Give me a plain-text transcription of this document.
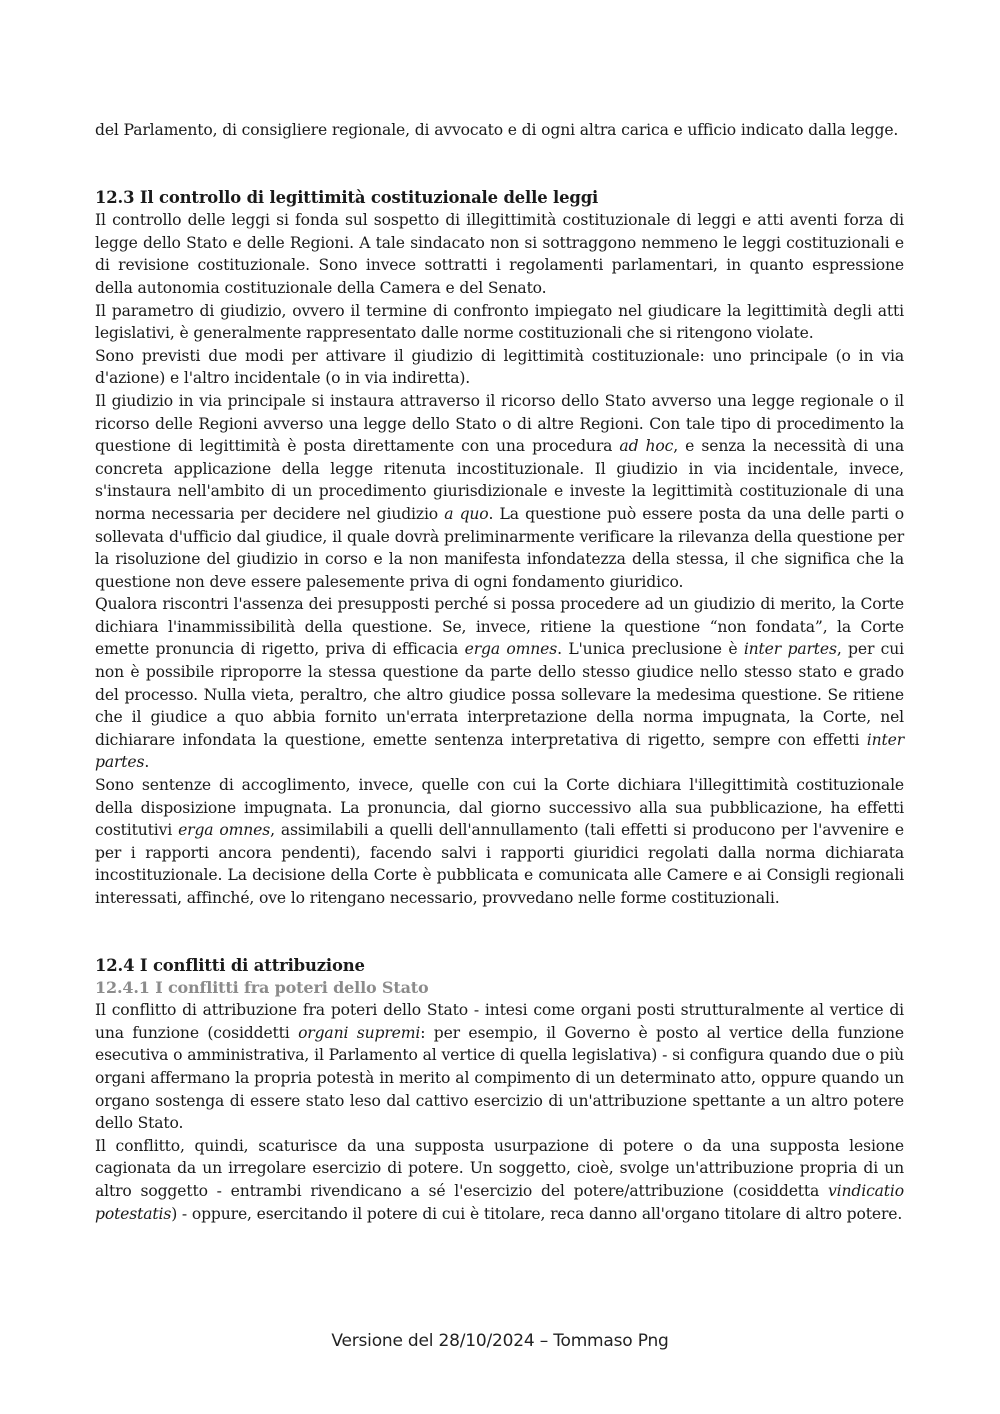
del Parlamento, di consigliere regionale, di avvocato e di ogni altra carica e ufficio indicato dalla legge.

12.3 Il controllo di legittimità costituzionale delle leggi

Il controllo delle leggi si fonda sul sospetto di illegittimità costituzionale di leggi e atti aventi forza di legge dello Stato e delle Regioni. A tale sindacato non si sottraggono nemmeno le leggi costituzionali e di revisione costituzionale. Sono invece sottratti i regolamenti parlamentari, in quanto espressione della autonomia costituzionale della Camera e del Senato.

Il parametro di giudizio, ovvero il termine di confronto impiegato nel giudicare la legittimità degli atti legislativi, è generalmente rappresentato dalle norme costituzionali che si ritengono violate.

Sono previsti due modi per attivare il giudizio di legittimità costituzionale: uno principale (o in via d'azione) e l'altro incidentale (o in via indiretta).

Il giudizio in via principale si instaura attraverso il ricorso dello Stato avverso una legge regionale o il ricorso delle Regioni avverso una legge dello Stato o di altre Regioni. Con tale tipo di procedimento la questione di legittimità è posta direttamente con una procedura ad hoc, e senza la necessità di una concreta applicazione della legge ritenuta incostituzionale. Il giudizio in via incidentale, invece, s'instaura nell'ambito di un procedimento giurisdizionale e investe la legittimità costituzionale di una norma necessaria per decidere nel giudizio a quo. La questione può essere posta da una delle parti o sollevata d'ufficio dal giudice, il quale dovrà preliminarmente verificare la rilevanza della questione per la risoluzione del giudizio in corso e la non manifesta infondatezza della stessa, il che significa che la questione non deve essere palesemente priva di ogni fondamento giuridico.

Qualora riscontri l'assenza dei presupposti perché si possa procedere ad un giudizio di merito, la Corte dichiara l'inammissibilità della questione. Se, invece, ritiene la questione “non fondata”, la Corte emette pronuncia di rigetto, priva di efficacia erga omnes. L'unica preclusione è inter partes, per cui non è possibile riproporre la stessa questione da parte dello stesso giudice nello stesso stato e grado del processo. Nulla vieta, peraltro, che altro giudice possa sollevare la medesima questione. Se ritiene che il giudice a quo abbia fornito un'errata interpretazione della norma impugnata, la Corte, nel dichiarare infondata la questione, emette sentenza interpretativa di rigetto, sempre con effetti inter partes.

Sono sentenze di accoglimento, invece, quelle con cui la Corte dichiara l'illegittimità costituzionale della disposizione impugnata. La pronuncia, dal giorno successivo alla sua pubblicazione, ha effetti costitutivi erga omnes, assimilabili a quelli dell'annullamento (tali effetti si producono per l'avvenire e per i rapporti ancora pendenti), facendo salvi i rapporti giuridici regolati dalla norma dichiarata incostituzionale. La decisione della Corte è pubblicata e comunicata alle Camere e ai Consigli regionali interessati, affinché, ove lo ritengano necessario, provvedano nelle forme costituzionali.

12.4 I conflitti di attribuzione
12.4.1 I conflitti fra poteri dello Stato

Il conflitto di attribuzione fra poteri dello Stato - intesi come organi posti strutturalmente al vertice di una funzione (cosiddetti organi supremi: per esempio, il Governo è posto al vertice della funzione esecutiva o amministrativa, il Parlamento al vertice di quella legislativa) - si configura quando due o più organi affermano la propria potestà in merito al compimento di un determinato atto, oppure quando un organo sostenga di essere stato leso dal cattivo esercizio di un'attribuzione spettante a un altro potere dello Stato.

Il conflitto, quindi, scaturisce da una supposta usurpazione di potere o da una supposta lesione cagionata da un irregolare esercizio di potere. Un soggetto, cioè, svolge un'attribuzione propria di un altro soggetto - entrambi rivendicano a sé l'esercizio del potere/attribuzione (cosiddetta vindicatio potestatis) - oppure, esercitando il potere di cui è titolare, reca danno all'organo titolare di altro potere.

Versione del 28/10/2024 – Tommaso Png
